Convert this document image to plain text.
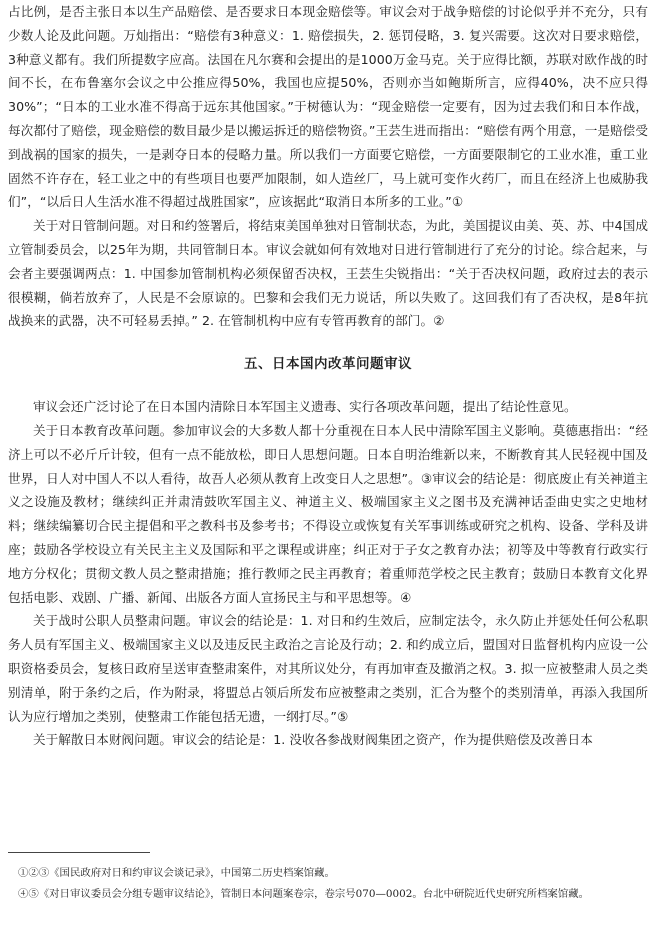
占比例，是否主张日本以生产品赔偿、是否要求日本现金赔偿等。审议会对于战争赔偿的讨论似乎并不充分，只有少数人论及此问题。万灿指出：“赔偿有3种意义：1. 赔偿损失，2. 惩罚侵略，3. 复兴需要。这次对日要求赔偿，3种意义都有。我们所提数字应高。法国在凡尔赛和会提出的是1000万金马克。关于应得比额，苏联对欧作战的时间不长，在布鲁塞尔会议之中公推应得50%，我国也应提50%，否则亦当如鲍斯所言，应得40%，决不应只得30%”；“日本的工业水准不得高于远东其他国家。”于树德认为：“现金赔偿一定要有，因为过去我们和日本作战，每次都付了赔偿，现金赔偿的数目最少是以搬运拆迁的赔偿物资。”王芸生进而指出：“赔偿有两个用意，一是赔偿受到战祸的国家的损失，一是剥夺日本的侵略力量。所以我们一方面要它赔偿，一方面要限制它的工业水准，重工业固然不许存在，轻工业之中的有些项目也要严加限制，如人造丝厂，马上就可变作火药厂，而且在经济上也威胁我们”，“以后日人生活水准不得超过战胜国家”，应该据此“取消日本所多的工业。”①

关于对日管制问题。对日和约签署后，将结束美国单独对日管制状态，为此，美国提议由美、英、苏、中4国成立管制委员会，以25年为期，共同管制日本。审议会就如何有效地对日进行管制进行了充分的讨论。综合起来，与会者主要强调两点：1. 中国参加管制机构必须保留否决权，王芸生尖锐指出：“关于否决权问题，政府过去的表示很模糊，倘若放弃了，人民是不会原谅的。巴黎和会我们无力说话，所以失败了。这回我们有了否决权，是8年抗战换来的武器，决不可轻易丢掉。” 2. 在管制机构中应有专管再教育的部门。②

五、日本国内改革问题审议

审议会还广泛讨论了在日本国内清除日本军国主义遗毒、实行各项改革问题，提出了结论性意见。

关于日本教育改革问题。参加审议会的大多数人都十分重视在日本人民中清除军国主义影响。莫德惠指出：“经济上可以不必斤斤计较，但有一点不能放松，即日人思想问题。日本自明治维新以来，不断教育其人民轻视中国及世界，日人对中国人不以人看待，故吾人必须从教育上改变日人之思想”。③审议会的结论是：彻底废止有关神道主义之设施及教材；继续纠正并肃清鼓吹军国主义、神道主义、极端国家主义之图书及充满神话歪曲史实之史地材料；继续编纂切合民主提倡和平之教科书及参考书；不得设立或恢复有关军事训练或研究之机构、设备、学科及讲座；鼓励各学校设立有关民主主义及国际和平之课程或讲座；纠正对于子女之教育办法；初等及中等教育行政实行地方分权化；贯彻文教人员之整肃措施；推行教师之民主再教育；着重师范学校之民主教育；鼓励日本教育文化界包括电影、戏剧、广播、新闻、出版各方面人宣扬民主与和平思想等。④

关于战时公职人员整肃问题。审议会的结论是：1. 对日和约生效后，应制定法令，永久防止并惩处任何公私职务人员有军国主义、极端国家主义以及违反民主政治之言论及行动；2. 和约成立后，盟国对日监督机构内应设一公职资格委员会，复核日政府呈送审查整肃案件，对其所议处分，有再加审查及撤消之权。3. 拟一应被整肃人员之类别清单，附于条约之后，作为附录，将盟总占领后所发布应被整肃之类别，汇合为整个的类别清单，再添入我国所认为应行增加之类别，使整肃工作能包括无遗，一纲打尽。”⑤

关于解散日本财阀问题。审议会的结论是：1. 没收各参战财阀集团之资产，作为提供赔偿及改善日本

①②③《国民政府对日和约审议会谈记录》，中国第二历史档案馆藏。

④⑤《对日审议委员会分组专题审议结论》，管制日本问题案卷宗，卷宗号070—0002。台北中研院近代史研究所档案馆藏。
